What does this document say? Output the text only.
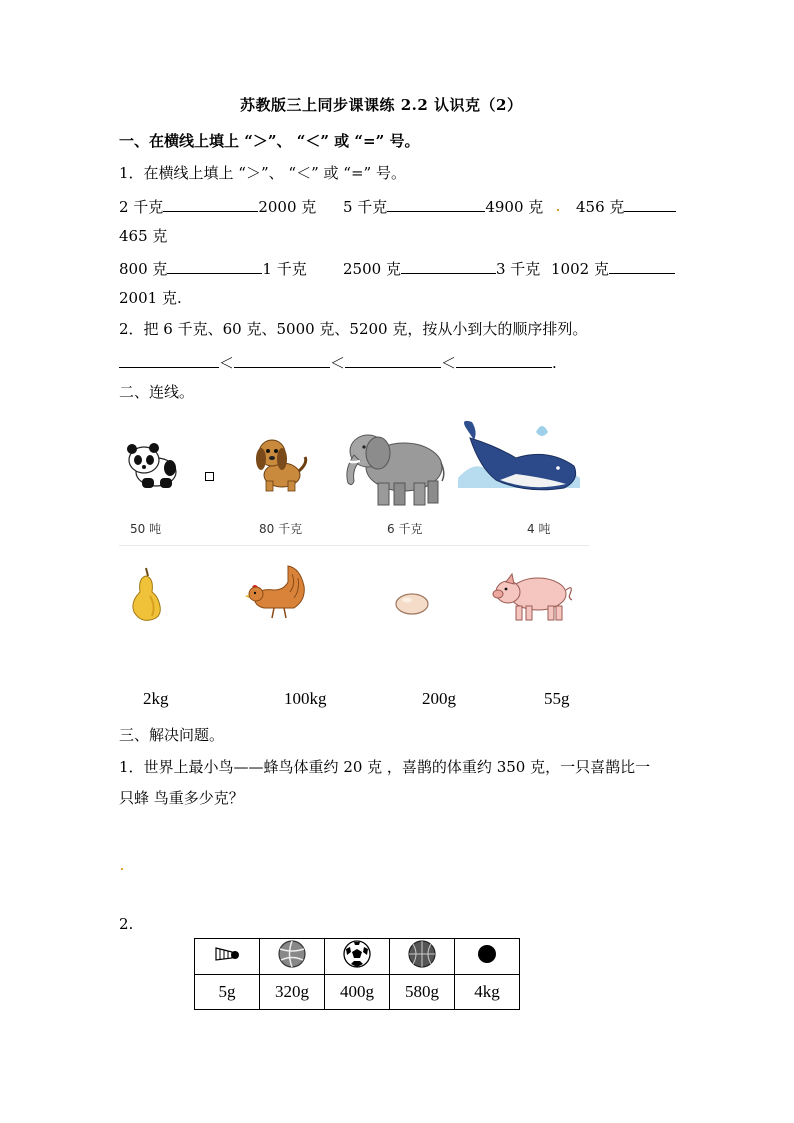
苏教版三上同步课课练 2.2 认识克（2）
一、在横线上填上 “＞”、 “＜” 或 “=” 号。
1．在横线上填上 “＞”、 “＜” 或 “=” 号。
2 千克	2000 克 5 千克	4900 克 456 克
465 克
800 克	1 千克 2500 克	3 千克 1002 克
2001 克.
2．把 6 千克、60 克、5000 克、5200 克，按从小到大的顺序排列。
＜	＜	＜	.
二、连线。
50 吨	80 千克	6 千克	4 吨
2kg	100kg	200g	55g
三、解决问题。
1．世界上最小鸟——蜂鸟体重约 20 克 ，喜鹊的体重约 350 克，一只喜鹊比一
只蜂 鸟重多少克？
2.

5g	320g	400g	580g	4kg
